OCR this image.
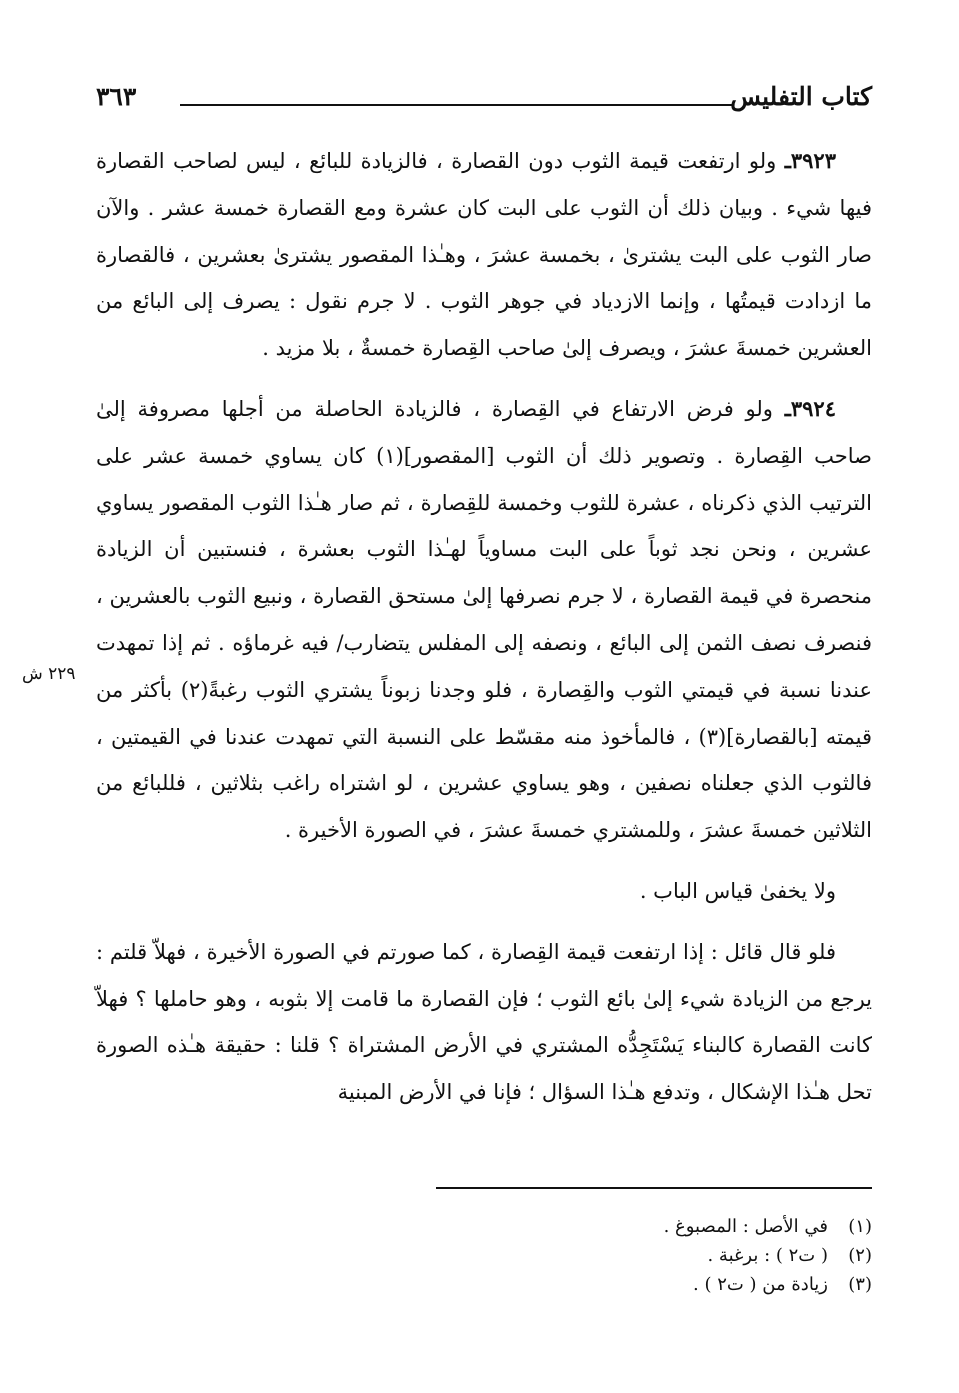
كتاب التفليس
٣٦٣
٢٢٩ ش

٣٩٢٣ـ ولو ارتفعت قيمة الثوب دون القصارة ، فالزيادة للبائع ، ليس لصاحب القصارة فيها شيء . وبيان ذلك أن الثوب على البت كان عشرة ومع القصارة خمسة عشر . والآن صار الثوب على البت يشترىٰ ، بخمسة عشرَ ، وهـٰذا المقصور يشترىٰ بعشرين ، فالقصارة ما ازدادت قيمتُها ، وإنما الازدياد في جوهر الثوب . لا جرم نقول : يصرف إلى البائع من العشرين خمسةَ عشرَ ، ويصرف إلىٰ صاحب القِصارة خمسةٌ ، بلا مزيد .

٣٩٢٤ـ ولو فرض الارتفاع في القِصارة ، فالزيادة الحاصلة من أجلها مصروفة إلىٰ صاحب القِصارة . وتصوير ذلك أن الثوب [المقصور](١) كان يساوي خمسة عشر على الترتيب الذي ذكرناه ، عشرة للثوب وخمسة للقِصارة ، ثم صار هـٰذا الثوب المقصور يساوي عشرين ، ونحن نجد ثوباً على البت مساوياً لهـٰذا الثوب بعشرة ، فنستبين أن الزيادة منحصرة في قيمة القصارة ، لا جرم نصرفها إلىٰ مستحق القصارة ، ونبيع الثوب بالعشرين ، فنصرف نصف الثمن إلى البائع ، ونصفه إلى المفلس يتضارب/ فيه غرماؤه . ثم إذا تمهدت عندنا نسبة في قيمتي الثوب والقِصارة ، فلو وجدنا زبوناً يشتري الثوب رغبةً(٢) بأكثر من قيمته [بالقصارة](٣) ، فالمأخوذ منه مقسّط على النسبة التي تمهدت عندنا في القيمتين ، فالثوب الذي جعلناه نصفين ، وهو يساوي عشرين ، لو اشتراه راغب بثلاثين ، فللبائع من الثلاثين خمسةَ عشرَ ، وللمشتري خمسةَ عشرَ ، في الصورة الأخيرة .

ولا يخفىٰ قياس الباب .

فلو قال قائل : إذا ارتفعت قيمة القِصارة ، كما صورتم في الصورة الأخيرة ، فهلاّ قلتم : يرجع من الزيادة شيء إلىٰ بائع الثوب ؛ فإن القصارة ما قامت إلا بثوبه ، وهو حاملها ؟ فهلاّ كانت القصارة كالبناء يَسْتَجِدُّه المشتري في الأرض المشتراة ؟ قلنا : حقيقة هـٰذه الصورة تحل هـٰذا الإشكال ، وتدفع هـٰذا السؤال ؛ فإنا في الأرض المبنية

(١)في الأصل : المصبوغ .
(٢)( ت٢ ) : برغبة .
(٣)زيادة من ( ت٢ ) .
